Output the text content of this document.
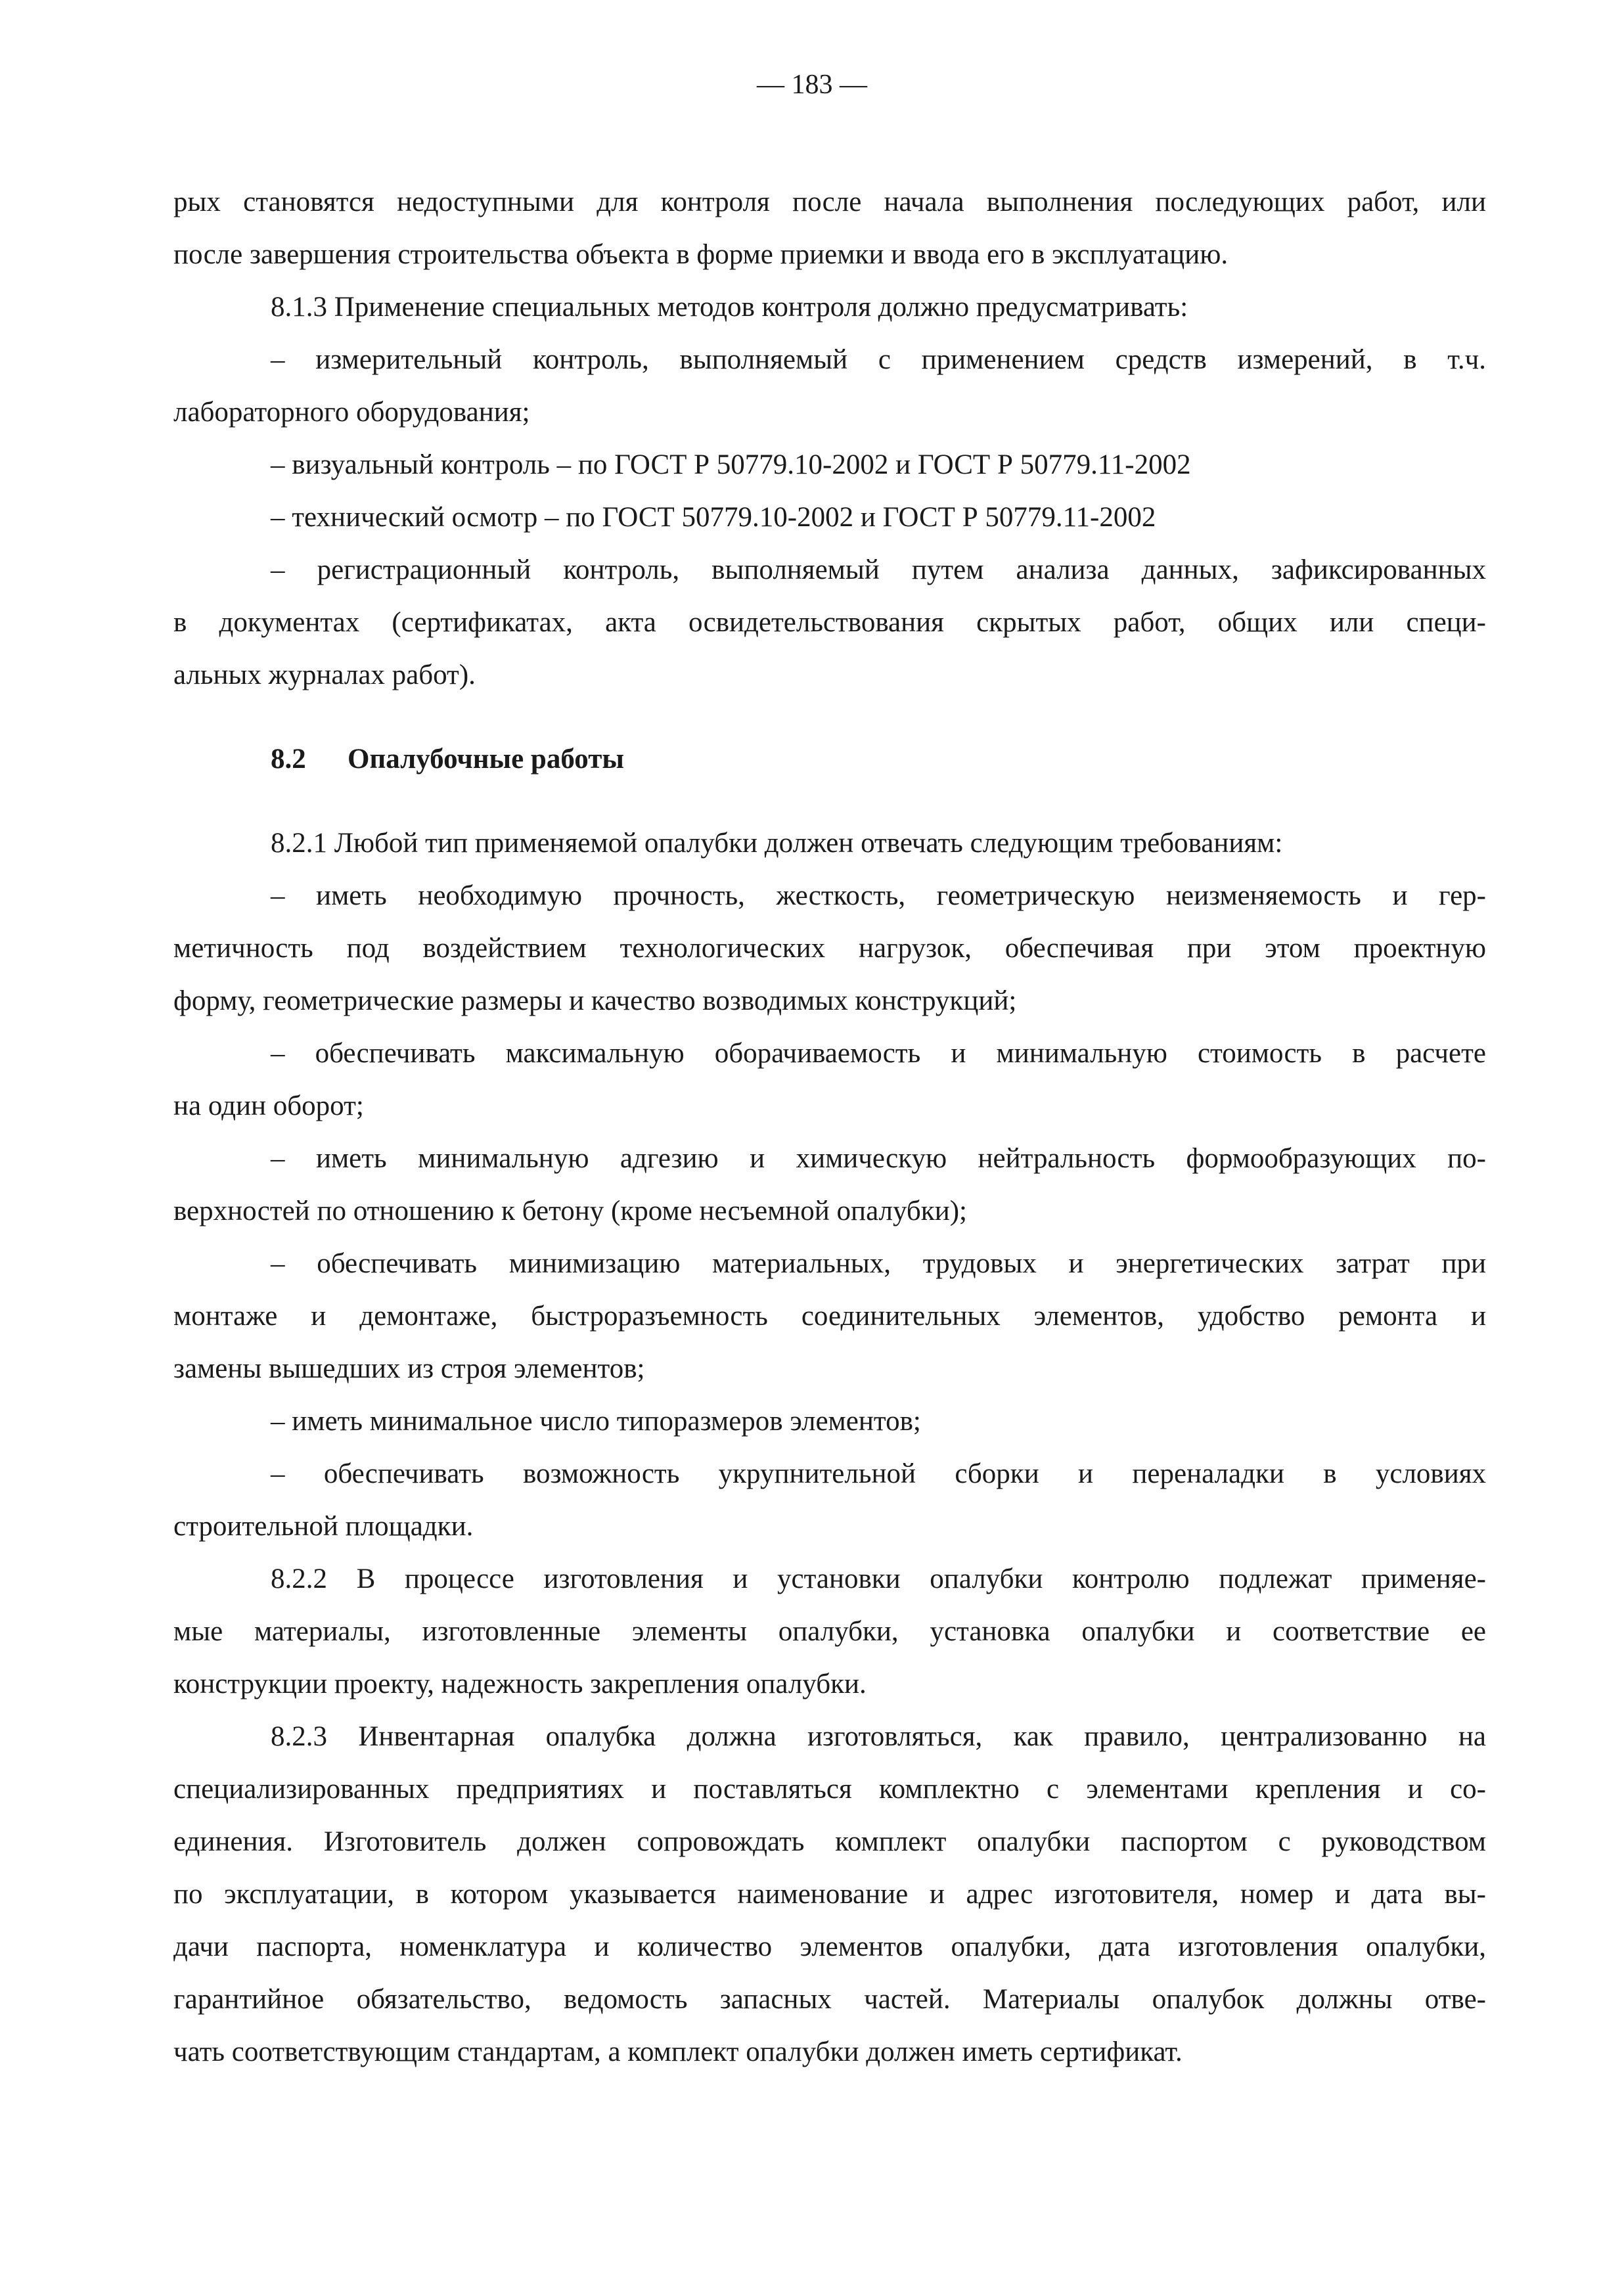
— 183 —
рых становятся недоступными для контроля после начала выполнения последующих работ, или
после завершения строительства объекта в форме приемки и ввода его в эксплуатацию.
8.1.3 Применение специальных методов контроля должно предусматривать:
– измерительный контроль, выполняемый с применением средств измерений, в т.ч.
лабораторного оборудования;
– визуальный контроль – по ГОСТ Р 50779.10-2002 и ГОСТ Р 50779.11-2002
– технический осмотр – по ГОСТ 50779.10-2002 и ГОСТ Р 50779.11-2002
– регистрационный контроль, выполняемый путем анализа данных, зафиксированных
в документах (сертификатах, акта освидетельствования скрытых работ, общих или специ-
альных журналах работ).
8.2 Опалубочные работы
8.2.1 Любой тип применяемой опалубки должен отвечать следующим требованиям:
– иметь необходимую прочность, жесткость, геометрическую неизменяемость и гер-
метичность под воздействием технологических нагрузок, обеспечивая при этом проектную
форму, геометрические размеры и качество возводимых конструкций;
– обеспечивать максимальную оборачиваемость и минимальную стоимость в расчете
на один оборот;
– иметь минимальную адгезию и химическую нейтральность формообразующих по-
верхностей по отношению к бетону (кроме несъемной опалубки);
– обеспечивать минимизацию материальных, трудовых и энергетических затрат при
монтаже и демонтаже, быстроразъемность соединительных элементов, удобство ремонта и
замены вышедших из строя элементов;
– иметь минимальное число типоразмеров элементов;
– обеспечивать возможность укрупнительной сборки и переналадки в условиях
строительной площадки.
8.2.2 В процессе изготовления и установки опалубки контролю подлежат применяе-
мые материалы, изготовленные элементы опалубки, установка опалубки и соответствие ее
конструкции проекту, надежность закрепления опалубки.
8.2.3 Инвентарная опалубка должна изготовляться, как правило, централизованно на
специализированных предприятиях и поставляться комплектно с элементами крепления и со-
единения. Изготовитель должен сопровождать комплект опалубки паспортом с руководством
по эксплуатации, в котором указывается наименование и адрес изготовителя, номер и дата вы-
дачи паспорта, номенклатура и количество элементов опалубки, дата изготовления опалубки,
гарантийное обязательство, ведомость запасных частей. Материалы опалубок должны отве-
чать соответствующим стандартам, а комплект опалубки должен иметь сертификат.
